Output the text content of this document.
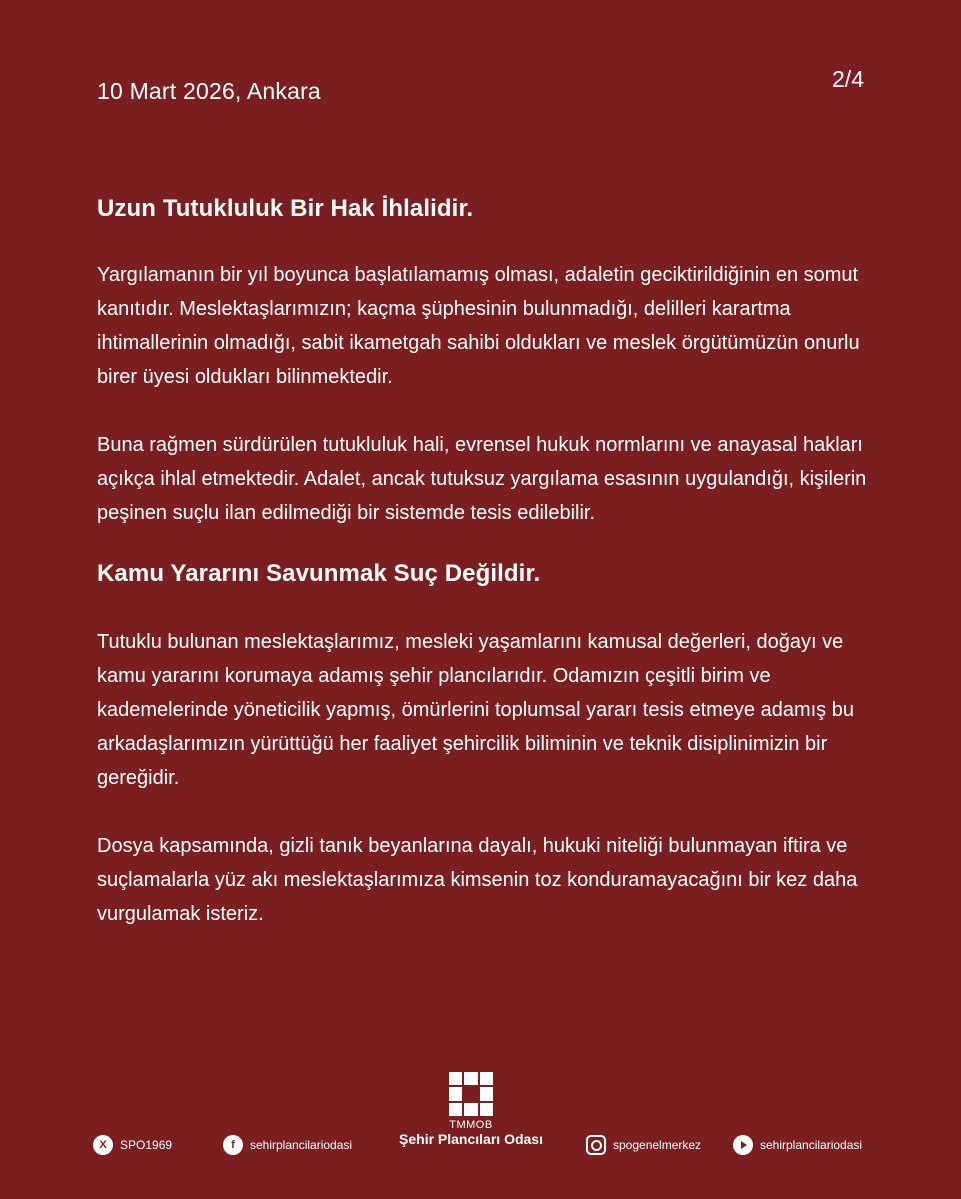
10 Mart 2026, Ankara	2/4
Uzun Tutukluluk Bir Hak İhlalidir.

Yargılamanın bir yıl boyunca başlatılamamış olması, adaletin geciktirildiğinin en somut kanıtıdır. Meslektaşlarımızın; kaçma şüphesinin bulunmadığı, delilleri karartma ihtimallerinin olmadığı, sabit ikametgah sahibi oldukları ve meslek örgütümüzün onurlu birer üyesi oldukları bilinmektedir.

Buna rağmen sürdürülen tutukluluk hali, evrensel hukuk normlarını ve anayasal hakları açıkça ihlal etmektedir. Adalet, ancak tutuksuz yargılama esasının uygulandığı, kişilerin peşinen suçlu ilan edilmediği bir sistemde tesis edilebilir.

Kamu Yararını Savunmak Suç Değildir.

Tutuklu bulunan meslektaşlarımız, mesleki yaşamlarını kamusal değerleri, doğayı ve kamu yararını korumaya adamış şehir plancılarıdır. Odamızın çeşitli birim ve kademelerinde yöneticilik yapmış, ömürlerini toplumsal yararı tesis etmeye adamış bu arkadaşlarımızın yürüttüğü her faaliyet şehircilik biliminin ve teknik disiplinimizin bir gereğidir.

Dosya kapsamında, gizli tanık beyanlarına dayalı, hukuki niteliği bulunmayan iftira ve suçlamalarla yüz akı meslektaşlarımıza kimsenin toz konduramayacağını bir kez daha vurgulamak isteriz.

TMMOB
Şehir Plancıları Odası
X	SPO1969	f	sehirplancilariodasi	spogenelmerkez	sehirplancilariodasi
